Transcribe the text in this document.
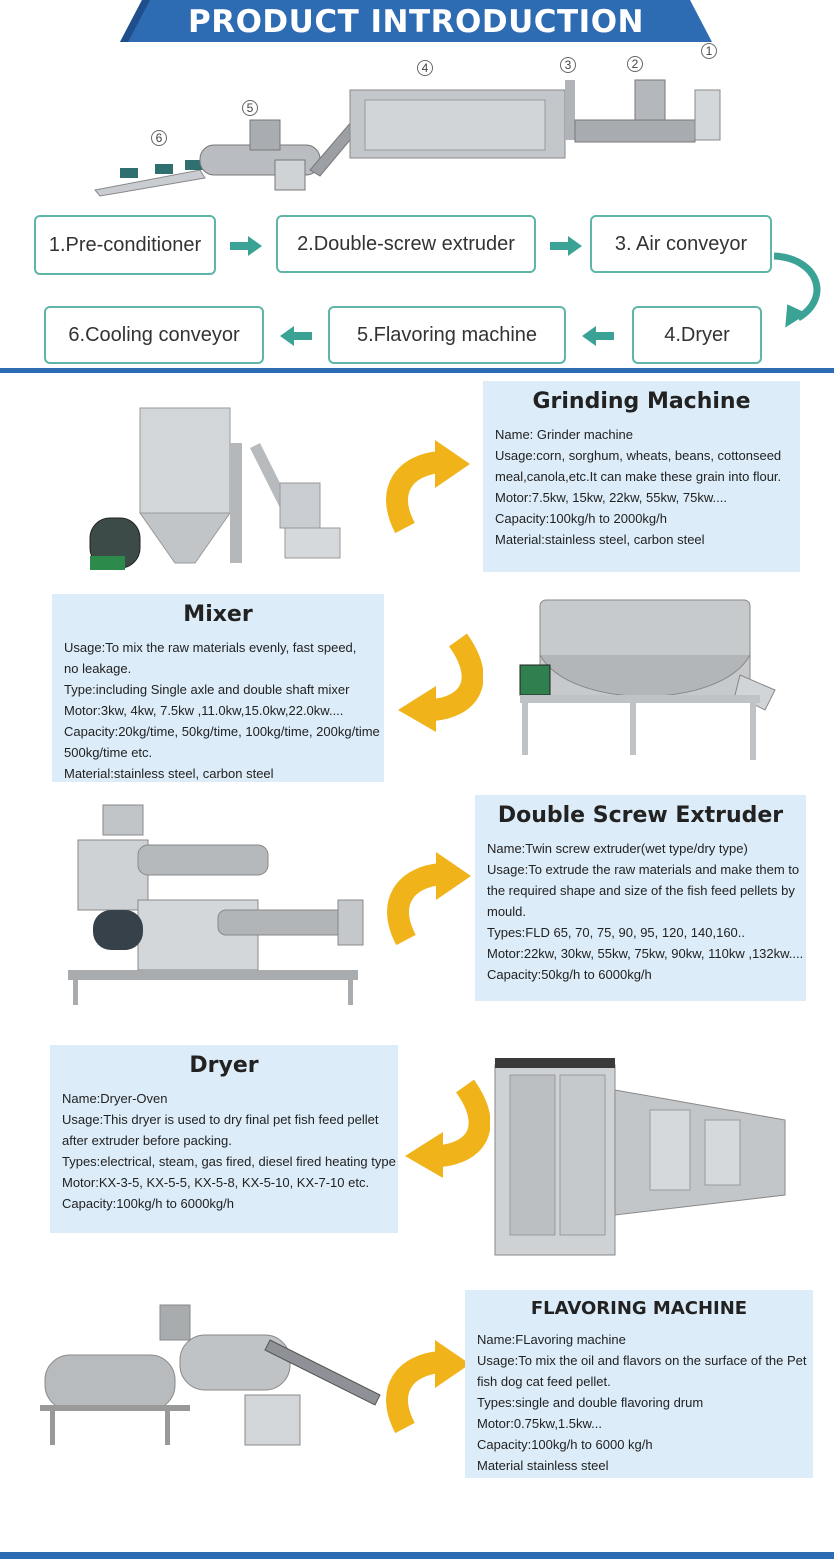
PRODUCT INTRODUCTION
1
2
3
4
5
6
1.Pre-conditioner	2.Double-screw extruder	3. Air conveyor
4.Dryer
5.Flavoring machine
6.Cooling conveyor
Grinding Machine
Name: Grinder machine
Usage:corn, sorghum, wheats, beans, cottonseed
meal,canola,etc.It can make these grain into flour.
Motor:7.5kw, 15kw, 22kw, 55kw, 75kw....
Capacity:100kg/h to 2000kg/h
Material:stainless steel, carbon steel
Mixer
Usage:To mix the raw materials evenly, fast speed,
no leakage.
Type:including Single axle and double shaft mixer
Motor:3kw, 4kw, 7.5kw ,11.0kw,15.0kw,22.0kw....
Capacity:20kg/time, 50kg/time, 100kg/time, 200kg/time
500kg/time etc.
Material:stainless steel, carbon steel
Double Screw Extruder
Name:Twin screw extruder(wet type/dry type)
Usage:To extrude the raw materials and make them to
the required shape and size of the fish feed pellets by
mould.
Types:FLD 65, 70, 75, 90, 95, 120, 140,160..
Motor:22kw, 30kw, 55kw, 75kw, 90kw, 110kw ,132kw....
Capacity:50kg/h to 6000kg/h
Dryer
Name:Dryer-Oven
Usage:This dryer is used to dry final pet fish feed pellet
after extruder before packing.
Types:electrical, steam, gas fired, diesel fired heating type
Motor:KX-3-5, KX-5-5, KX-5-8, KX-5-10, KX-7-10 etc.
Capacity:100kg/h to 6000kg/h
FLAVORING MACHINE
Name:FLavoring machine
Usage:To mix the oil and flavors on the surface of the Pet
fish dog cat feed pellet.
Types:single and double flavoring drum
Motor:0.75kw,1.5kw...
Capacity:100kg/h to 6000 kg/h
Material stainless steel
